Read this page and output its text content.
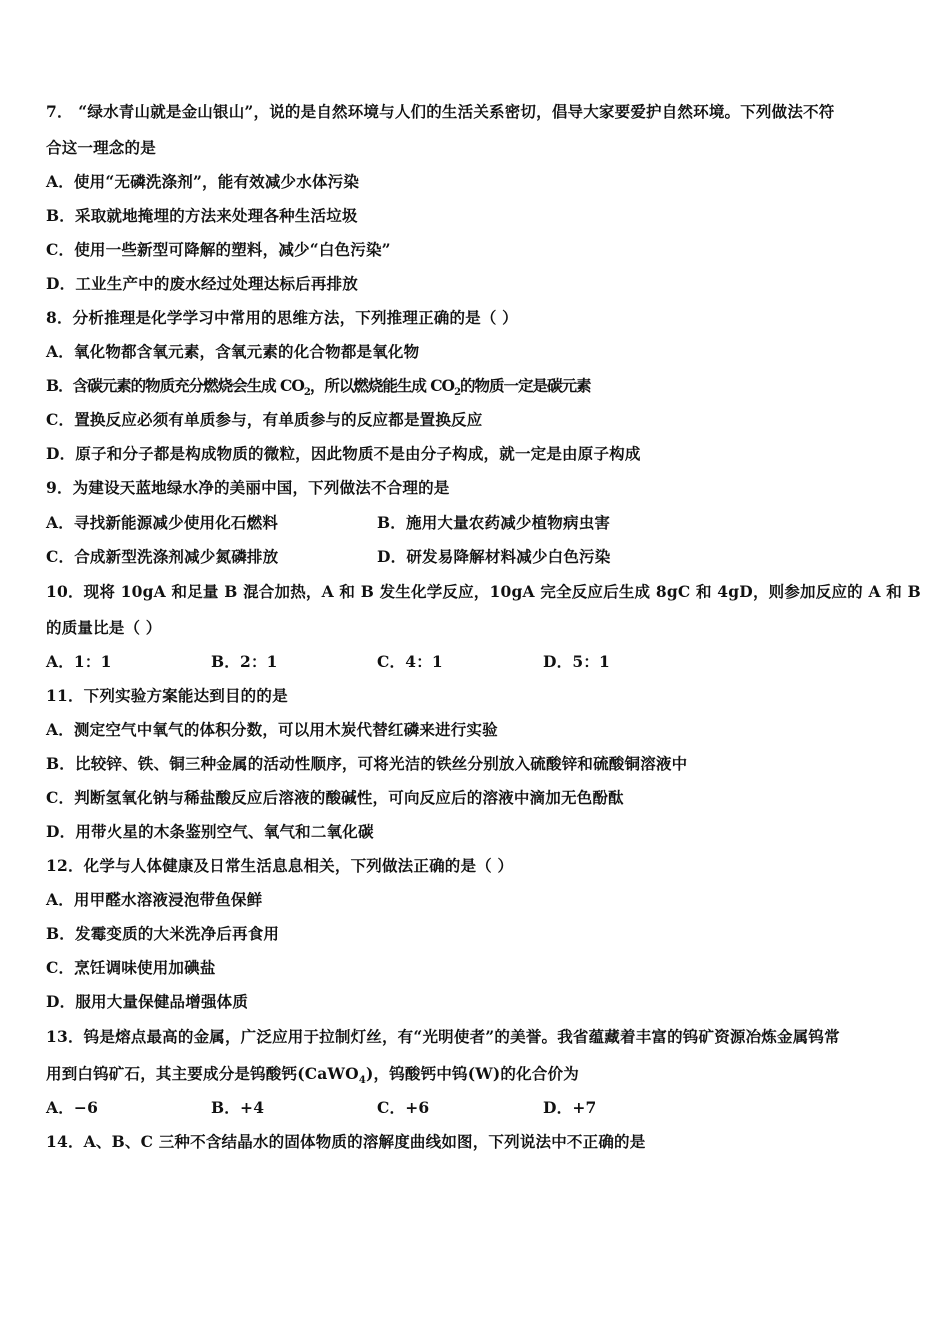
7． “绿水青山就是金山银山”，说的是自然环境与人们的生活关系密切，倡导大家要爱护自然环境。下列做法不符
合这一理念的是
A．使用“无磷洗涤剂”，能有效减少水体污染
B．采取就地掩埋的方法来处理各种生活垃圾
C．使用一些新型可降解的塑料，减少“白色污染”
D．工业生产中的废水经过处理达标后再排放
8．分析推理是化学学习中常用的思维方法，下列推理正确的是（ ）
A．氧化物都含氧元素，含氧元素的化合物都是氧化物
B．含碳元素的物质充分燃烧会生成 $CO_2$，所以燃烧能生成 $CO_2$的物质一定是碳元素
C．置换反应必须有单质参与，有单质参与的反应都是置换反应
D．原子和分子都是构成物质的微粒，因此物质不是由分子构成，就一定是由原子构成
9．为建设天蓝地绿水净的美丽中国，下列做法不合理的是
A．寻找新能源减少使用化石燃料	B．施用大量农药减少植物病虫害
C．合成新型洗涤剂减少氮磷排放	D．研发易降解材料减少白色污染
10．现将 10gA 和足量 B 混合加热，A 和 B 发生化学反应，10gA 完全反应后生成 8gC 和 4gD，则参加反应的 A 和 B
的质量比是（ ）
A．1：1	B．2：1	C．4：1	D．5：1
11．下列实验方案能达到目的的是
A．测定空气中氧气的体积分数，可以用木炭代替红磷来进行实验
B．比较锌、铁、铜三种金属的活动性顺序，可将光洁的铁丝分别放入硫酸锌和硫酸铜溶液中
C．判断氢氧化钠与稀盐酸反应后溶液的酸碱性，可向反应后的溶液中滴加无色酚酞
D．用带火星的木条鉴别空气、氧气和二氧化碳
12．化学与人体健康及日常生活息息相关，下列做法正确的是（ ）
A．用甲醛水溶液浸泡带鱼保鲜
B．发霉变质的大米洗净后再食用
C．烹饪调味使用加碘盐
D．服用大量保健品增强体质
13．钨是熔点最高的金属，广泛应用于拉制灯丝，有“光明使者”的美誉。我省蕴藏着丰富的钨矿资源冶炼金属钨常
用到白钨矿石，其主要成分是钨酸钙(CaWO$_4$)，钨酸钙中钨(W)的化合价为
A．−6	B．+4	C．+6	D．+7
14．A、B、C 三种不含结晶水的固体物质的溶解度曲线如图，下列说法中不正确的是
